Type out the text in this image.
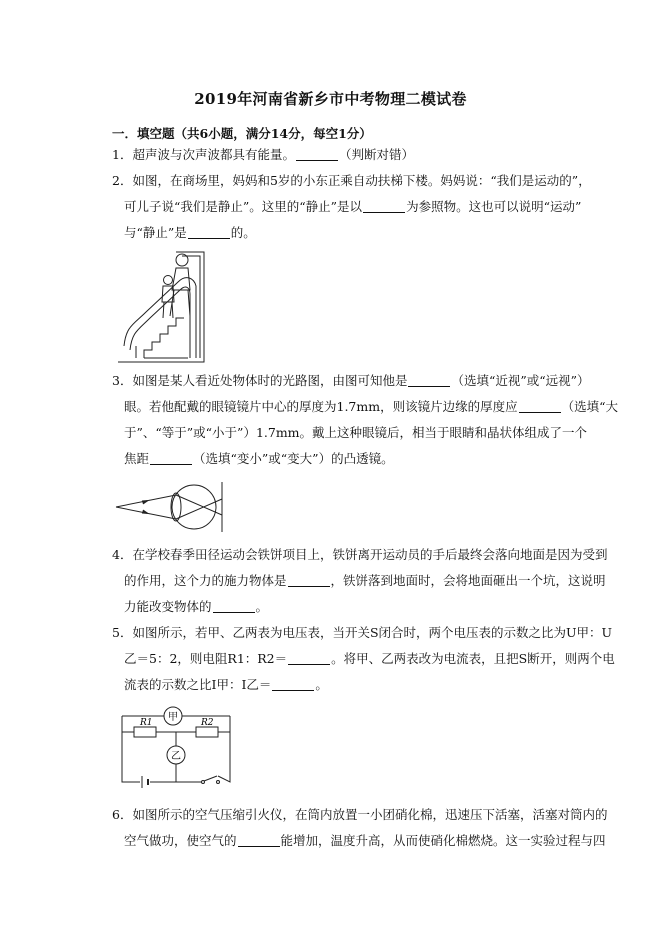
2019年河南省新乡市中考物理二模试卷
一．填空题（共6小题，满分14分，每空1分）
1．超声波与次声波都具有能量。	（判断对错）
2．如图，在商场里，妈妈和5岁的小东正乘自动扶梯下楼。妈妈说：“我们是运动的”，
可儿子说“我们是静止”。这里的“静止”是以	为参照物。这也可以说明“运动”
与“静止”是	的。
3．如图是某人看近处物体时的光路图，由图可知他是	（选填“近视”或“远视”）
眼。若他配戴的眼镜镜片中心的厚度为1.7mm，则该镜片边缘的厚度应	（选填“大
于”、“等于”或“小于”）1.7mm。戴上这种眼镜后，相当于眼睛和晶状体组成了一个
焦距	（选填“变小”或“变大”）的凸透镜。
4．在学校春季田径运动会铁饼项目上，铁饼离开运动员的手后最终会落向地面是因为受到
的作用，这个力的施力物体是	，铁饼落到地面时，会将地面砸出一个坑，这说明
力能改变物体的	。
5．如图所示，若甲、乙两表为电压表，当开关S闭合时，两个电压表的示数之比为U甲：U
乙＝5：2，则电阻R1：R2＝	。将甲、乙两表改为电流表，且把S断开，则两个电
流表的示数之比I甲：I乙＝	。
甲
乙
R1	R2
6．如图所示的空气压缩引火仪，在筒内放置一小团硝化棉，迅速压下活塞，活塞对筒内的
空气做功，使空气的	能增加，温度升高，从而使硝化棉燃烧。这一实验过程与四
